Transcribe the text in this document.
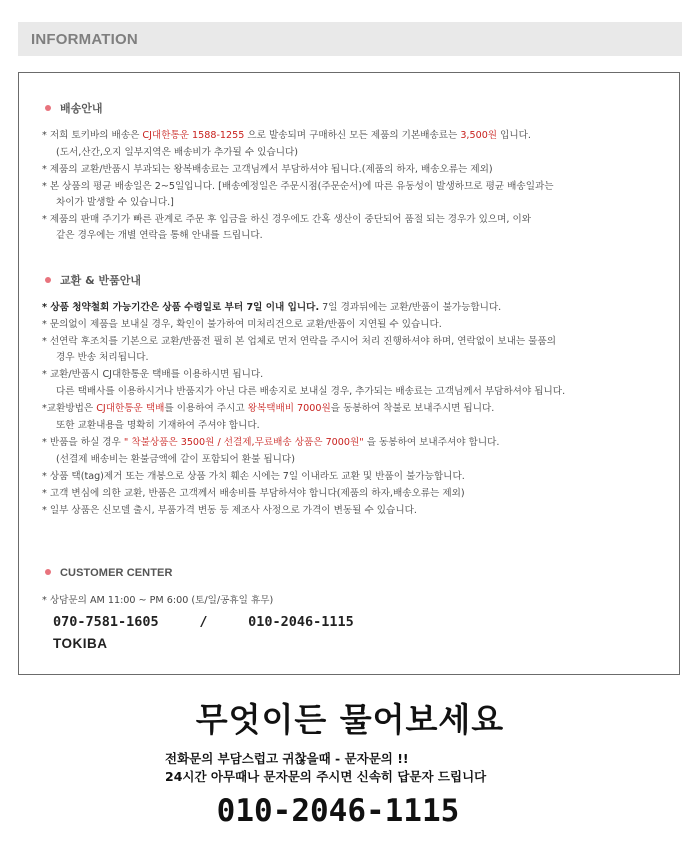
INFORMATION
배송안내
* 저희 토키바의 배송은 CJ대한통운 1588-1255 으로 발송되며 구매하신 모든 제품의 기본배송료는 3,500원 입니다.
(도서,산간,오지 일부지역은 배송비가 추가될 수 있습니다)
* 제품의 교환/반품시 부과되는 왕복배송료는 고객님께서 부담하셔야 됩니다.(제품의 하자, 배송오류는 제외)
* 본 상품의 평균 배송일은 2~5일입니다. [배송예정일은 주문시점(주문순서)에 따른 유동성이 발생하므로 평균 배송일과는
차이가 발생할 수 있습니다.]
* 제품의 판매 주기가 빠른 관계로 주문 후 입금을 하신 경우에도 간혹 생산이 중단되어 품절 되는 경우가 있으며, 이와
같은 경우에는 개별 연락을 통해 안내를 드립니다.
교환 & 반품안내
* 상품 청약철회 가능기간은 상품 수령일로 부터 7일 이내 입니다. 7일 경과뒤에는 교환/반품이 불가능합니다.
* 문의없이 제품을 보내실 경우, 확인이 불가하여 미처리건으로 교환/반품이 지연될 수 있습니다.
* 선연락 후조치를 기본으로 교환/반품전 필히 본 업체로 먼저 연락을 주시어 처리 진행하셔야 하며, 연락없이 보내는 물품의
경우 반송 처리됩니다.
* 교환/반품시 CJ대한통운 택배를 이용하시면 됩니다.
다른 택배사를 이용하시거나 반품지가 아닌 다른 배송지로 보내실 경우, 추가되는 배송료는 고객님께서 부담하셔야 됩니다.
*교환방법은 CJ대한통운 택배를 이용하여 주시고 왕복택배비 7000원을 동봉하여 착불로 보내주시면 됩니다.
또한 교환내용을 명확히 기재하여 주셔야 합니다.
* 반품을 하실 경우 " 착불상품은 3500원 / 선결제,무료배송 상품은 7000원" 을 동봉하여 보내주셔야 합니다.
(선결제 배송비는 환불금액에 같이 포함되어 환불 됩니다)
* 상품 택(tag)제거 또는 개봉으로 상품 가치 훼손 시에는 7일 이내라도 교환 및 반품이 불가능합니다.
* 고객 변심에 의한 교환, 반품은 고객께서 배송비를 부담하셔야 합니다(제품의 하자,배송오류는 제외)
* 일부 상품은 신모델 출시, 부품가격 변동 등 제조사 사정으로 가격이 변동될 수 있습니다.
CUSTOMER CENTER
* 상담문의 AM 11:00 ~ PM 6:00 (토/일/공휴일 휴무)
070-7581-1605	/	010-2046-1115
TOKIBA
무엇이든 물어보세요
전화문의 부담스럽고 귀찮을때 - 문자문의 !!
24시간 아무때나 문자문의 주시면 신속히 답문자 드립니다
010-2046-1115
